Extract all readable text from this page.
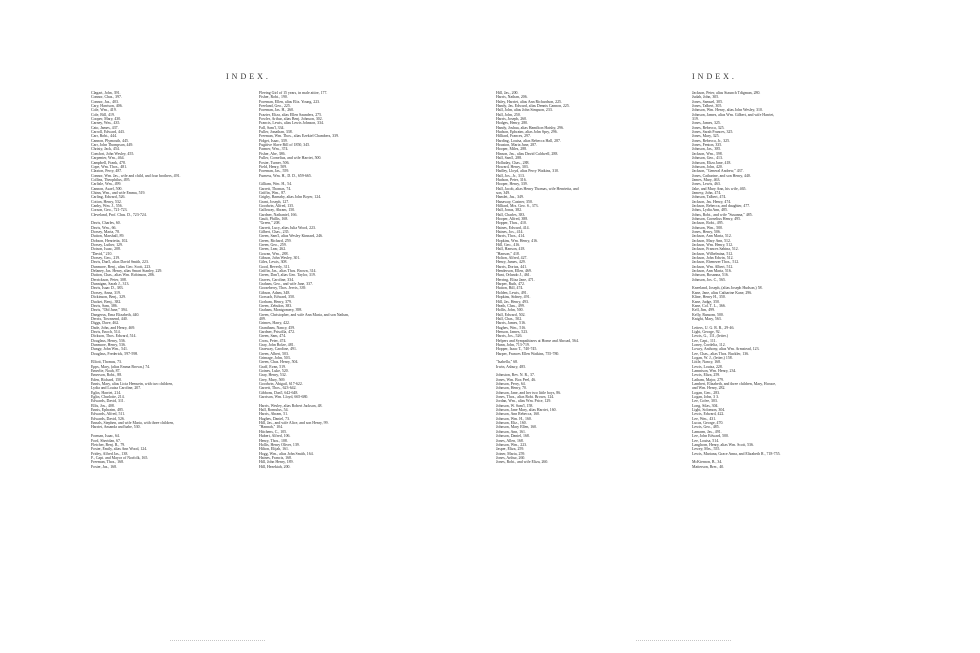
INDEX.	INDEX.
Clagart, John, 391.
Connor, Chas., 397.
Connor, Jas., 403.
Cary, Harrison, 406.
Cole, Wm., 419.
Cole, Bill, 419.
Cooper, Mary, 430.
Carney, Wm., 435.
Cato, James, 437.
Carroll, Edward, 443.
Carr, Robt., 444.
Cannon, Plymouth, 445.
Carr, John Thompson, 449.
Christy, Jack, 454.
Comfort, John Wesley, 455.
Carpenter, Wm., 464.
Campbell, Frank, 478.
Cope, Wm. Thos., 481.
Claxton, Perry, 487.
Connor, Wm. Jas., wife and child, and four brothers, 491.
Collins, Theophilus, 495.
Carlisle, Wm., 499.
Cannon, Asael, 500.
Chinn, Wm., and wife Emma, 519.
Carling, Edward, 526.
Cotton, Henry, 532.
Canby, Wm. J., 556.
Corson, Geo., 721-723.
Cleveland, Prof. Chas. D., 723-724.
Davis, Charles, 60.
Davis, Wm., 66.
Dorsey, Maria, 78.
Dutton, Marshall, 89.
Dobson, Henrietta, 102.
Dorsey, Luther, 129.
Dotson, Isaac, 208.
"David," 210.
Dorsey, Geo., 219.
Davis, Dan'l, alias David Smith, 223.
Dunmore, Benj., alias Geo. Scott, 223.
Delaney, Jas. Henry, alias Smart Stanley, 229.
Dutton, Chas., alias Wm. Robinson, 286.
Derrickson, Peter, 308.
Dunnigan, Sarah J., 313.
Davis, Isaac D., 383.
Dorsey, Anna, 319.
Dickinson, Benj., 329.
Ducket, Benj., 382.
Davis, Sam, 386.
Davis, "Old Jane," 394.
Dangerus, Ema Elizabeth, 440.
Derrix, Townsend, 440.
Diggs, Dave, 462.
Dade, John, and Henry, 469.
Davis, Enoch, 514.
Dickson, Thos. Edward, 514.
Douglass, Henry, 536.
Dunmore, Henry, 536.
Dungy, John Wm., 541.
Douglass, Frederick, 597-598.
Elliott, Thomas, 73.
Epps, Mary, (alias Emma Brown,) 74.
Emerlie, Noah, 87.
Emerson, Robt., 88.
Eden, Richard, 150.
Ennis, Mary, alias Licia Hemsein, with two children,
Lydia and Louisa Caroline, 207.
Eglin, Harriet, 214.
Eglin, Charlotte, 214.
Edwards, David, 311.
Ellis, Jos., 408.
Ennis, Ephraim, 485.
Edwards, Alfred, 511.
Edwards, David, 526.
Ennals, Stephen, and wife Maria, with three children,
Harriet, Amanda and babe, 530.
Forman, Isaac, 64.
Ford, Sheridan, 67.
Fletcher, Benj. R., 79.
Foster, Emily, alias Ann Wood, 124.
Fridey, Alfred Jas., 138.
F., Capt. and Mayor of Norfolk, 165.
Freeman, Thos., 168.
Foster, Jas., 168.
Fleeing Girl of 15 years, in male attire, 177.
Fisher, Robt., 190.
Foreman, Ellen, alias Eliz. Young, 223.
Freeland, Geo., 225.
Foreman, Jas. H., 260.
Frazier, Eliza, alias Ellen Saunders, 275.
Fowler, Arthur, alias Benj. Johnson, 302.
Francis, Lewis, alias Lewis Johnson, 334.
Fall, Sam'l, 334.
Fuller, Jonathan, 338.
Freeman, Wm. Thos., alias Ezekiel Chambers, 339.
Fidget, Isaac, 339.
Fugitive Slave Bill of 1850, 345.
Farmer, Wm., 374.
Fisher, Abe, 386.
Fuller, Cornelius, and wife Harriet, 500.
Foster, Turner, 506.
Field, Henry, 509.
Foreman, Jas., 559.
Furness, Wm. H., D. D., 659-665.
Gilliam, Wm. H., 54.
Garrett, Thomas, 74.
Griffin, Wm., 87.
Grigby, Barnaby, alias John Boyer, 124.
Grant, Joseph, 127.
Goodwin, Alfred, 135.
Galloway, Abram, 150.
Gardner, Nathaniel, 166.
Gault, Phillis, 168.
"Green," 208.
Garrett, Lucy, alias Julia Wood, 223.
Gilbert, Chas., 235.
Green, Sam'l, alias Wesley Kinnard, 246.
Green, Richard, 259.
Green, Geo., 259.
Green, Lear, 262.
Gowan, Wm., 288.
Gibson, John Wesley, 301.
Giles, Lewis, 308.
Good, Beverly, 311.
Griffin, Jas., alias Thos. Brown, 314.
Green, Dan'l, alias Geo. Taylor, 319.
Graves, Caroline, 334.
Graham, Geo., and wife Jane, 337.
Gooseberry, Thos. Jervis, 339.
Gibson, Adam, 348.
Gorsuch, Edward, 350.
Gorham, Henry, 379.
Green, Zebulon, 383.
Graham, Montgomery, 398.
Green, Christopher, and wife Ann Maria, and son Nathan,
409.
Grimes, Harry, 422.
Grantham, Nancy, 459.
Gardner, Priscilla, 472.
Green, Sam, 474.
Cross, Peter, 474.
Gray, John Bolze, 481.
Graeway, Caroline, 491.
Green, Albert, 503.
Grimage, John, 503.
Green, Chas. Henry, 504.
Graff, Evan, 519.
Goines, Luke, 520.
Gray, Henry, 532.
Grey, Mary, 569.
Goodwin, Abigail, 617-622.
Garrett, Thos., 623-642.
Gibbons, Dan'l, 642-648.
Garrison, Wm. Lloyd, 665-680.
Harris, Wesley, alias Robert Jackson, 48.
Hall, Romulus, 54.
Harris, Abram, 51.
Hughes, Daniel, 73.
Hill, Jas., and wife Alice, and son Henry, 99.
"Hannah," 104.
Hitchens, C., 105.
Hubert, Alfred, 106.
Henry, Thos., 108.
Hollis, Henry Oliver, 139.
Hilton, Elijah, 161.
Hogg, Wm., alias John Smith, 164.
Haines, Francis, 168.
Hill, John Henry, 189.
Hill, Hezekiah, 200.
Hill, Jas., 200.
Harris, Nathan, 206.
Haley, Harriet, alias Ann Richardson, 225.
Handy, Jas. Edward, alias Dennis Cannon, 225.
Hall, John, alias John Simpson, 233.
Hall, John, 250.
Harris, Joseph, 260.
Hodges, Henry, 280.
Handy, Joshua, alias Hamilton Hatsby, 296.
Hudson, Ephraim, alias John Spry, 296.
Hilliard, Frances, 297.
Harding, Louisa, alias Rebecca Hall, 287.
Houston, Maria Jane, 287.
Hooper, Miles, 288.
Hinson, Jas., alias David Caldwell, 288.
Hall, Sam'l, 288.
Holladay, Chas., 288.
Howard, Henry, 303.
Hadley, Lloyd, alias Perry Watkins, 310.
Hall, Jos., Jr., 313.
Hudson, Peter, 316.
Hooper, Henry, 339.
Hall, Jacob, alias Henry Thomas, wife Henrietta, and
son, 349.
Hamlet, Jas., 349.
Hanaway, Castner, 350.
Hilliard, Mrs. Geo. S., 373.
Hall, Jonas, 382.
Hall, Charles, 383.
Hooper, Alfred, 388.
Hopper, Thos., 410.
Haines, Edward, 414.
Haines, Jos., 414.
Harris, Thos., 414.
Hopkins, Wm. Henry, 416.
Hill, Geo., 416.
Hall, Hanson, 418.
"Hanson," 418.
Holton, Alfred, 427.
Henry, James, 429.
Harris, Dorius, 441.
Henderson, Ellen, 469.
Hunt, Orlando J., 461.
Herring, Eliza Jane, 471.
Harper, Ruth, 472.
Hutton, Bill, 474.
Holden, Lewis, 491.
Hopkins, Sidney, 491.
Hill, Jas. Henry, 493.
Heath, Chas., 499.
Hollis, John, 500.
Hall, Edward, 502.
Hall, Chas., 502.
Harris, James, 516.
Hughes, Wm., 516.
Henson, James, 523.
Harris, Jos., 526.
Helpers and Sympathizers at Home and Abroad, 564.
Hunn, John, 713-719.
Hopper, Isaac T., 740-745.
Harper, Frances Ellen Watkins, 755-780.
"Isabella," 68.
Irwin, Asbury, 485.
Johnston, Rev. N. R., 37.
Jones, Wm. Box Peel, 46.
Johnson, Perry, 64.
Johnson, Henry, 70.
Johnson, Jane, and her two little boys, 86.
Jones, Thos., alias Robt. Brown, 124.
Jordan, Wm., alias Wm. Price, 129.
Johnson, W. Sam'l, 158.
Johnson, Jane Mary, alias Harriet, 160.
Johnson, Ann Rebecca, 160.
Johnson, Wm. H., 160.
Johnson, Eliz., 160.
Johnson, Mary Ellen, 160.
Johnson, Ann, 161.
Johnson, Daniel, 168.
Jones, Allen, 168.
Johnson, Wm., 223.
Jasper, Eliza, 259.
Joiner, Maria, 259.
Jones, Arthur, 260.
Jones, Robt., and wife Eliza, 260.
Jackson, Peter, alias Staunch Tdigman, 280.
Judah, John, 305.
Jones, Samuel, 305.
Jones, Talbert, 305.
Johnson, Wm. Henry, alias John Wesley, 310.
Johnson, James, alias Wm. Gilbert, and wife Harriet,
319.
Jones, James, 325.
Jones, Rebecca, 325.
Jones, Sarah Frances, 325.
Jones, Mary, 325.
Jones, Rebecca, Jr., 325.
Jones, Fenton, 335.
Johnson, Jas., 385.
Jackson, Wm., 398.
Johnson, Geo., 413.
Johnson, Eliza Jane, 418.
Johnson, John, 420.
Jackson, "General Andrew," 437.
Jones, Catharine, and son Henry, 440.
James, Mary, 463.
Jones, Lewis, 463.
Jake, and Mary Ann, his wife, 465.
Jamesy, John, 474.
Johnson, Talbert, 474.
Jackson, Jas. Henry, 474.
Jackson, Rebecca, and daughter, 477.
Johns, Lydia Ann, 485.
Johns, Robt., and wife "Susanna," 485.
Johnson, Cornelius Henry, 495.
Jackson, Robt., 495.
Johnson, Wm., 500.
Jones, Henry, 506.
Jackson, Ann Maria, 512.
Jackson, Mary Ann, 512.
Jackson, Wm. Henry, 512.
Jackson, Frances Sabina, 512.
Jackson, Wilhelmina, 512.
Jackson, John Edwin, 512.
Jackson, Ebenezer Thos., 512.
Jackson, Wm. Albert, 512.
Jackson, Ann Maria, 516.
Johnson, Rosanna, 516.
Johnson, Jos. C., 565.
Kneeland, Joseph, (alias Joseph Hudson,) 58.
Kane, Jane, alias Catharine Kane, 296.
Kline, Henry H., 350.
Kane, Judge, 350.
Kane, Col. T. L., 366.
Kell, Jim, 499.
Kelly, Ransom, 500.
Knight, Mary, 563.
Letters, U. G. R. R., 29-46.
Light, George, 92.
Lewis, G., 111, (letter.)
Lee, Capt., 111.
Loney, Cordelia, 112.
Lowry, Anthony, alias Wm. Armstead, 123.
Lee, Chas., alias Thos. Buckler, 136.
Logan, W. J., (letter,) 158.
Little, Nancy, 168.
Lewis, Louisa, 228.
Lamnison, Wm. Henry, 234.
Lewis, Eliza, 259.
Latham, Major, 279.
Lambert, Elizabeth, and three children, Mary, Horace,
and Wm. Henry, 282.
Logan, Geo., 283.
Logan, John, 3 3.
Lee, Cofee, 303.
Long, Silas, 304.
Light, Solomon, 304.
Lewis, Edward, 422.
Lee, Wm., 431.
Lucas, George, 470.
Lewis, Geo., 485.
Lamarm, Jas., 491.
Lee, John Edward, 500.
Lee, Louisa, 514.
Langhorn, Henry, alias Wm. Scott, 536.
Lewey, Mrs., 555.
Lewis, Mariana, Grace Anna, and Elizabeth R., 718-755.
McKiernon, B., 34.
Matterson, Brer., 40.
